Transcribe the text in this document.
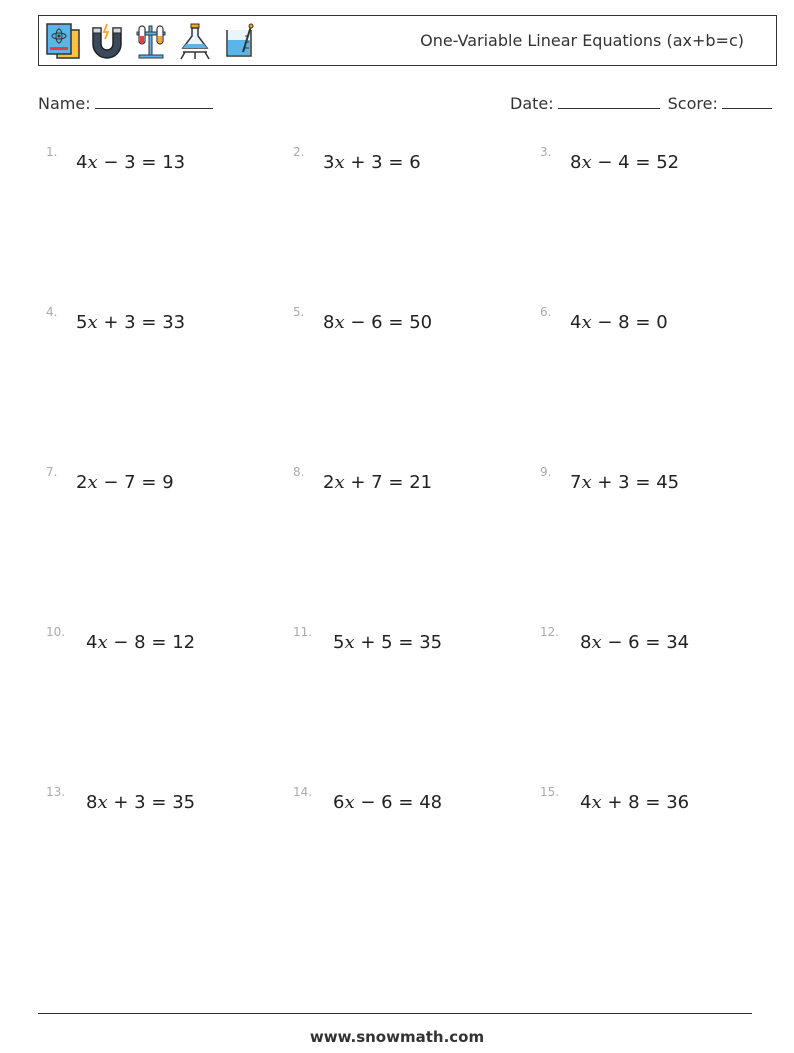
One-Variable Linear Equations (ax+b=c)
Name:	Date:	Score:
1. 4x − 3 = 13	2. 3x + 3 = 6	3. 8x − 4 = 52
4. 5x + 3 = 33	5. 8x − 6 = 50	6. 4x − 8 = 0
7. 2x − 7 = 9	8. 2x + 7 = 21	9. 7x + 3 = 45
10. 4x − 8 = 12	11. 5x + 5 = 35	12. 8x − 6 = 34
13. 8x + 3 = 35	14. 6x − 6 = 48	15. 4x + 8 = 36
www.snowmath.com
